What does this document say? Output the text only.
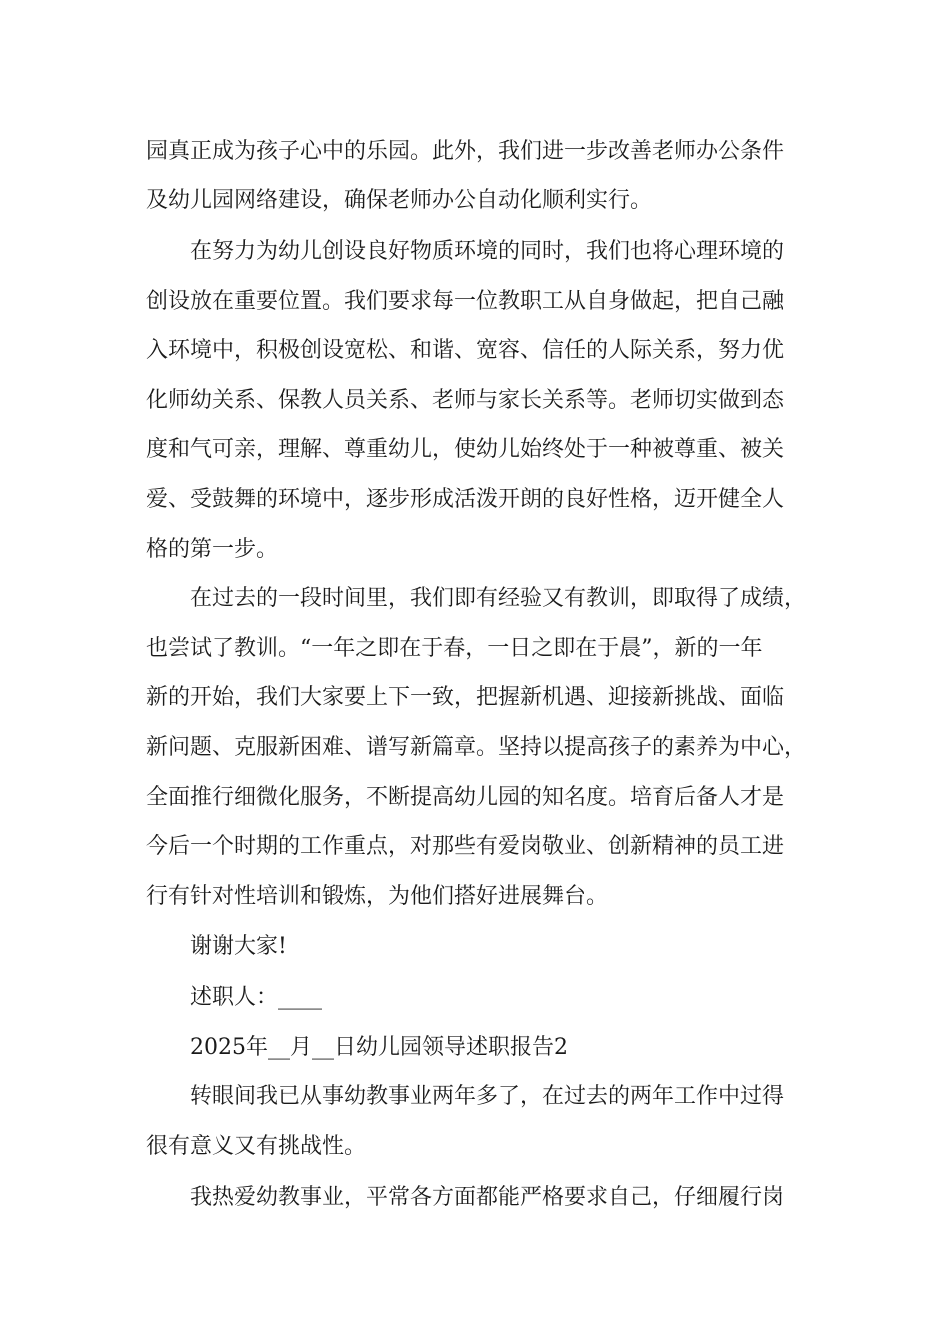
园真正成为孩子心中的乐园。此外，我们进一步改善老师办公条件
及幼儿园网络建设，确保老师办公自动化顺利实行。
在努力为幼儿创设良好物质环境的同时，我们也将心理环境的
创设放在重要位置。我们要求每一位教职工从自身做起，把自己融
入环境中，积极创设宽松、和谐、宽容、信任的人际关系，努力优
化师幼关系、保教人员关系、老师与家长关系等。老师切实做到态
度和气可亲，理解、尊重幼儿，使幼儿始终处于一种被尊重、被关
爱、受鼓舞的环境中，逐步形成活泼开朗的良好性格，迈开健全人
格的第一步。
在过去的一段时间里，我们即有经验又有教训，即取得了成绩，
也尝试了教训。“一年之即在于春，一日之即在于晨”，新的一年
新的开始，我们大家要上下一致，把握新机遇、迎接新挑战、面临
新问题、克服新困难、谱写新篇章。坚持以提高孩子的素养为中心，
全面推行细微化服务，不断提高幼儿园的知名度。培育后备人才是
今后一个时期的工作重点，对那些有爱岗敬业、创新精神的员工进
行有针对性培训和锻炼，为他们搭好进展舞台。
谢谢大家!
述职人：____
2025年__月__日幼儿园领导述职报告2
转眼间我已从事幼教事业两年多了，在过去的两年工作中过得
很有意义又有挑战性。
我热爱幼教事业，平常各方面都能严格要求自己，仔细履行岗
